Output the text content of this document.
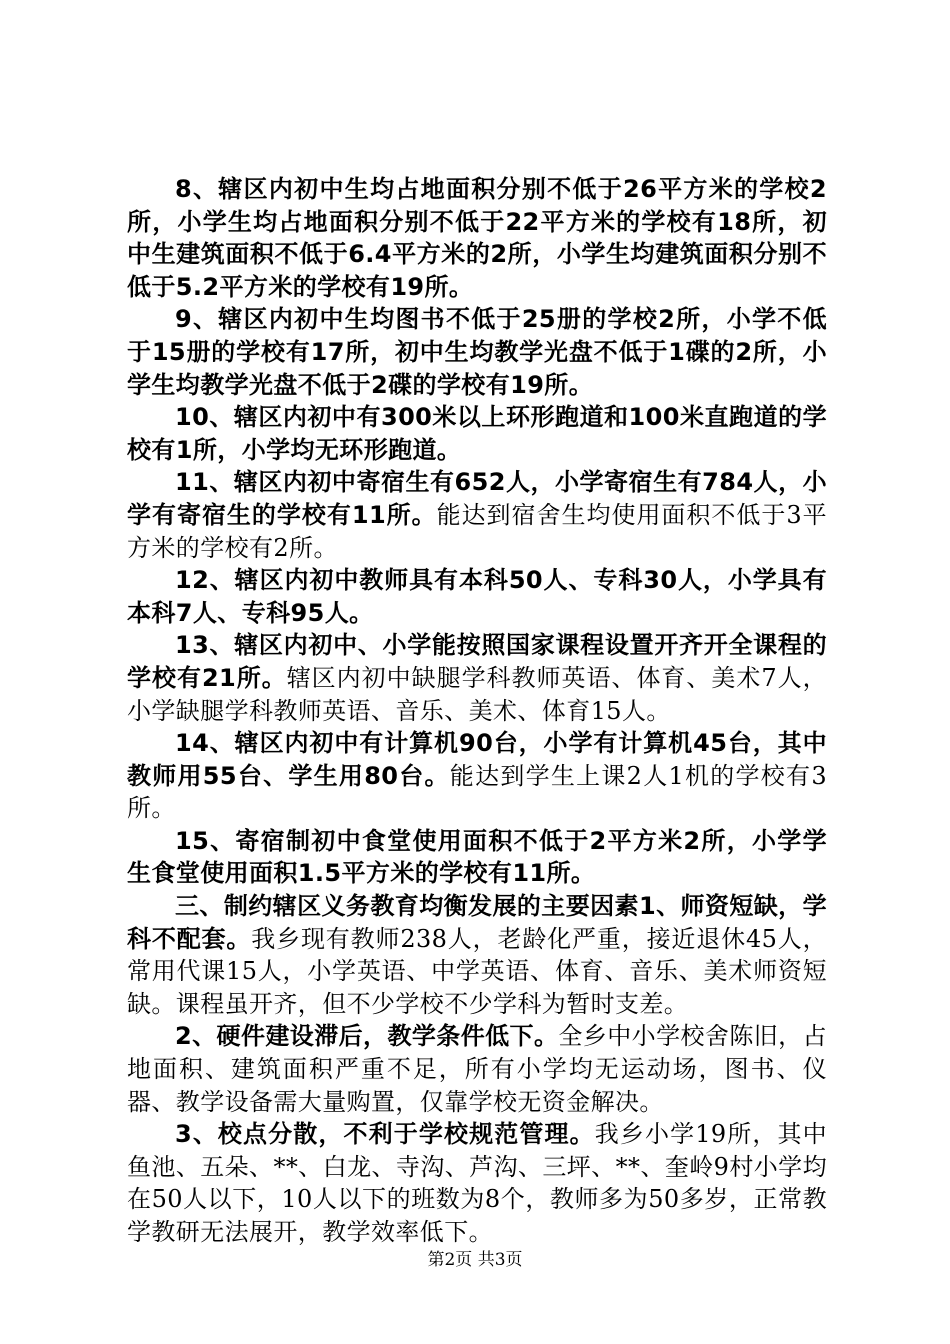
8、辖区内初中生均占地面积分别不低于26平方米的学校2所，小学生均占地面积分别不低于22平方米的学校有18所，初中生建筑面积不低于6.4平方米的2所，小学生均建筑面积分别不低于5.2平方米的学校有19所。

9、辖区内初中生均图书不低于25册的学校2所，小学不低于15册的学校有17所，初中生均教学光盘不低于1碟的2所，小学生均教学光盘不低于2碟的学校有19所。

10、辖区内初中有300米以上环形跑道和100米直跑道的学校有1所，小学均无环形跑道。

11、辖区内初中寄宿生有652人，小学寄宿生有784人，小学有寄宿生的学校有11所。能达到宿舍生均使用面积不低于3平方米的学校有2所。

12、辖区内初中教师具有本科50人、专科30人，小学具有本科7人、专科95人。

13、辖区内初中、小学能按照国家课程设置开齐开全课程的学校有21所。辖区内初中缺腿学科教师英语、体育、美术7人，小学缺腿学科教师英语、音乐、美术、体育15人。

14、辖区内初中有计算机90台，小学有计算机45台，其中教师用55台、学生用80台。能达到学生上课2人1机的学校有3所。

15、寄宿制初中食堂使用面积不低于2平方米2所，小学学生食堂使用面积1.5平方米的学校有11所。

三、制约辖区义务教育均衡发展的主要因素1、师资短缺，学科不配套。我乡现有教师238人，老龄化严重，接近退休45人，常用代课15人，小学英语、中学英语、体育、音乐、美术师资短缺。课程虽开齐，但不少学校不少学科为暂时支差。

2、硬件建设滞后，教学条件低下。全乡中小学校舍陈旧，占地面积、建筑面积严重不足，所有小学均无运动场，图书、仪器、教学设备需大量购置，仅靠学校无资金解决。

3、校点分散，不利于学校规范管理。我乡小学19所，其中鱼池、五朵、**、白龙、寺沟、芦沟、三坪、**、奎岭9村小学均在50人以下，10人以下的班数为8个，教师多为50多岁，正常教学教研无法展开，教学效率低下。

第2页 共3页
